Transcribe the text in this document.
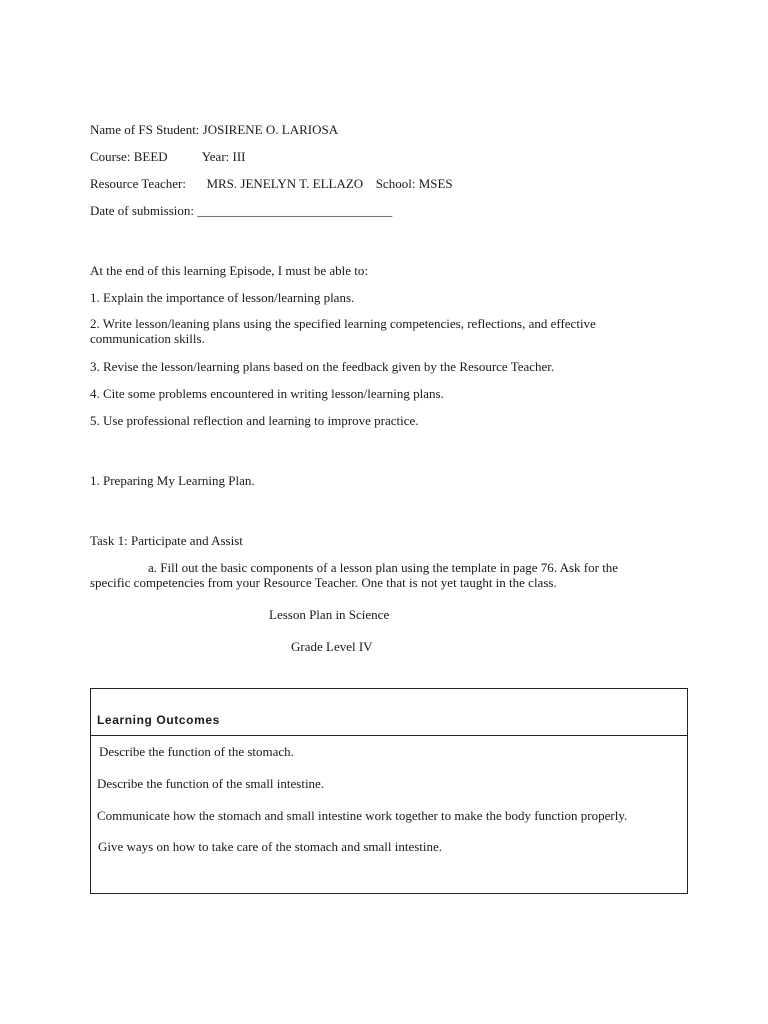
Name of FS Student: JOSIRENE O. LARIOSA
Course: BEED	Year: III
Resource Teacher: MRS. JENELYN T. ELLAZO School: MSES
Date of submission: ______________________________
At the end of this learning Episode, I must be able to:
1. Explain the importance of lesson/learning plans.
2. Write lesson/leaning plans using the specified learning competencies, reflections, and effective communication skills.
3. Revise the lesson/learning plans based on the feedback given by the Resource Teacher.
4. Cite some problems encountered in writing lesson/learning plans.
5. Use professional reflection and learning to improve practice.
1. Preparing My Learning Plan.
Task 1: Participate and Assist
a. Fill out the basic components of a lesson plan using the template in page 76. Ask for the specific competencies from your Resource Teacher. One that is not yet taught in the class.
Lesson Plan in Science
Grade Level IV
Learning Outcomes
Describe the function of the stomach.
Describe the function of the small intestine.
Communicate how the stomach and small intestine work together to make the body function properly.
Give ways on how to take care of the stomach and small intestine.
